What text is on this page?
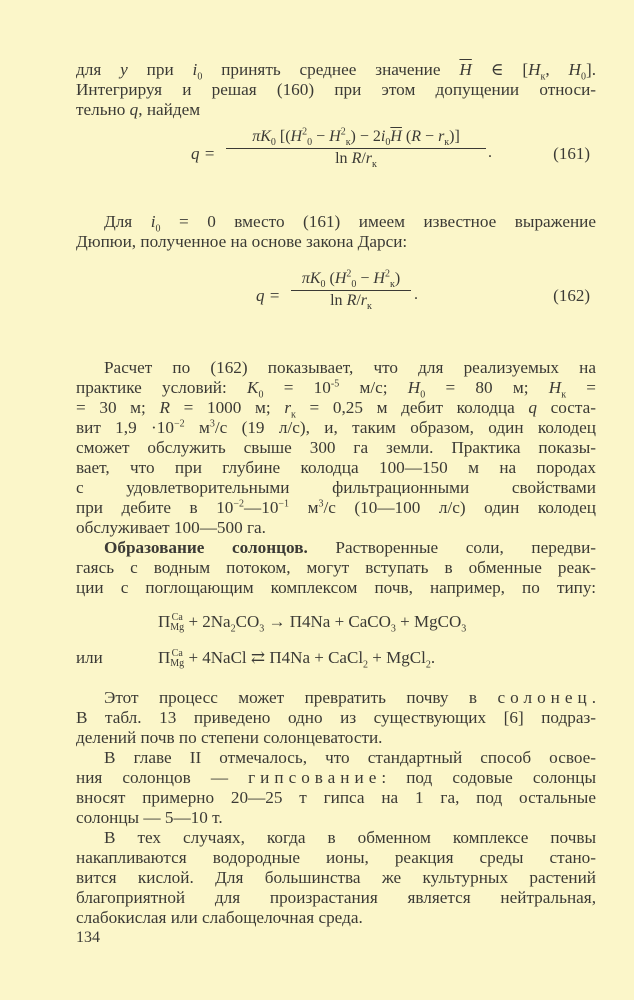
для y при $i_0$ принять среднее значение $\overline{H}$ ∈ [$H_к$, $H_0$].
Интегрируя и решая (160) при этом допущении относи-
тельно q, найдем
q =
$\pi K_0$ [$(H^2_0 - H^2_к) - 2i_0\overline{H}$ $(R - r_к)$]
$\ln R/r_к$
.	(161)
Для $i_0 = 0$ вместо (161) имеем известное выражение
Дюпюи, полученное на основе закона Дарси:
q =
$\pi K_0$ $(H^2_0 - H^2_к)$
$\ln R/r_к$
.	(162)
Расчет по (162) показывает, что для реализуемых на
практике условий: $K_0 = 10^{-5}$ м/с; $H_0 = 80$ м; $H_к$ =
= 30 м; R = 1000 м; $r_к = 0,25$ м дебит колодца q соста-
вит $1,9 \cdot 10^{-2}$ $м^3/с$ (19 л/с), и, таким образом, один колодец
сможет обслужить свыше 300 га земли. Практика показы-
вает, что при глубине колодца 100—150 м на породах
с удовлетворительными фильтрационными свойствами
при дебите в $10^{-2}—10^{-1}$ $м^3/с$ (10—100 л/с) один колодец
обслуживает 100—500 га.
Образование солонцов. Растворенные соли, передви-
гаясь с водным потоком, могут вступать в обменные реак-
ции с поглощающим комплексом почв, например, по типу:
ΠCa
$Mg + 2Na_2CO_3 \to \Pi 4Na$ + CaCO$_3$ + MgCO$_3$
или	ΠCa
Mg + 4NaCl ⇄ Π4Na + CaCl$_2$ + MgCl$_2$.
Этот процесс может превратить почву в солонец.
В табл. 13 приведено одно из существующих [6] подраз-
делений почв по степени солонцеватости.
В главе II отмечалось, что стандартный способ освое-
ния солонцов — гипсование: под содовые солонцы
вносят примерно 20—25 т гипса на 1 га, под остальные
солонцы — 5—10 т.
В тех случаях, когда в обменном комплексе почвы
накапливаются водородные ионы, реакция среды стано-
вится кислой. Для большинства же культурных растений
благоприятной для произрастания является нейтральная,
слабокислая или слабощелочная среда.
134
